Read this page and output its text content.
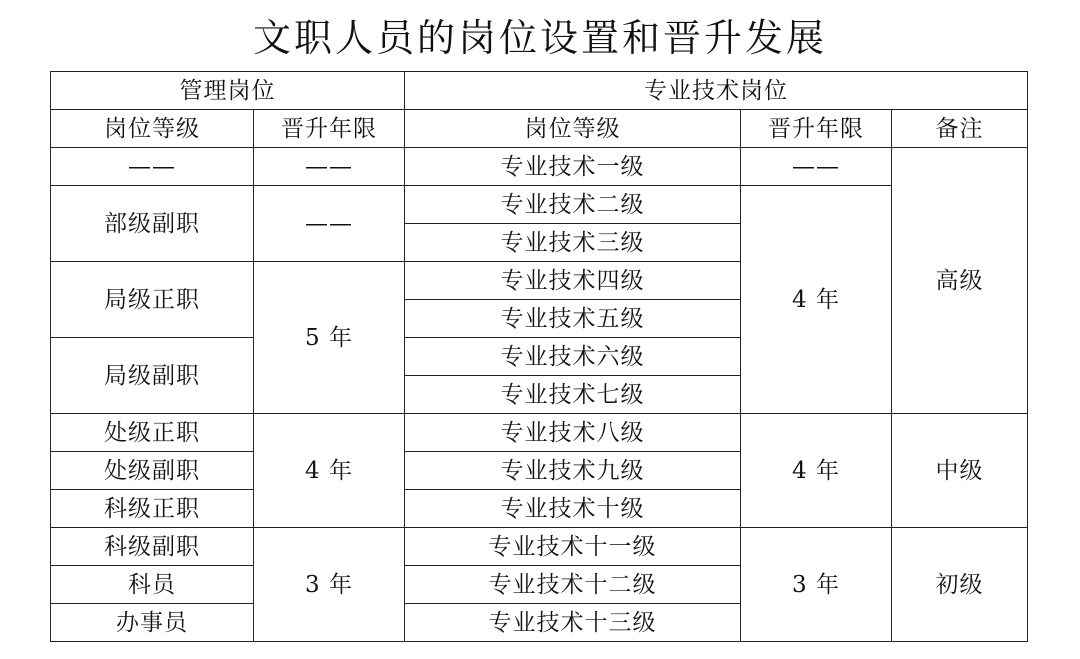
文职人员的岗位设置和晋升发展
管理岗位		专业技术岗位		
岗位等级	晋升年限	岗位等级	晋升年限	备注
——	——	专业技术一级	——	高级
部级副职	——	专业技术二级	4 年	
		专业技术三级		
局级正职	5 年	专业技术四级		
		专业技术五级		
局级副职		专业技术六级		
		专业技术七级		
处级正职	4 年	专业技术八级	4 年	中级
处级副职		专业技术九级		
科级正职		专业技术十级		
科级副职	3 年	专业技术十一级	3 年	初级
科员		专业技术十二级		
办事员		专业技术十三级		
